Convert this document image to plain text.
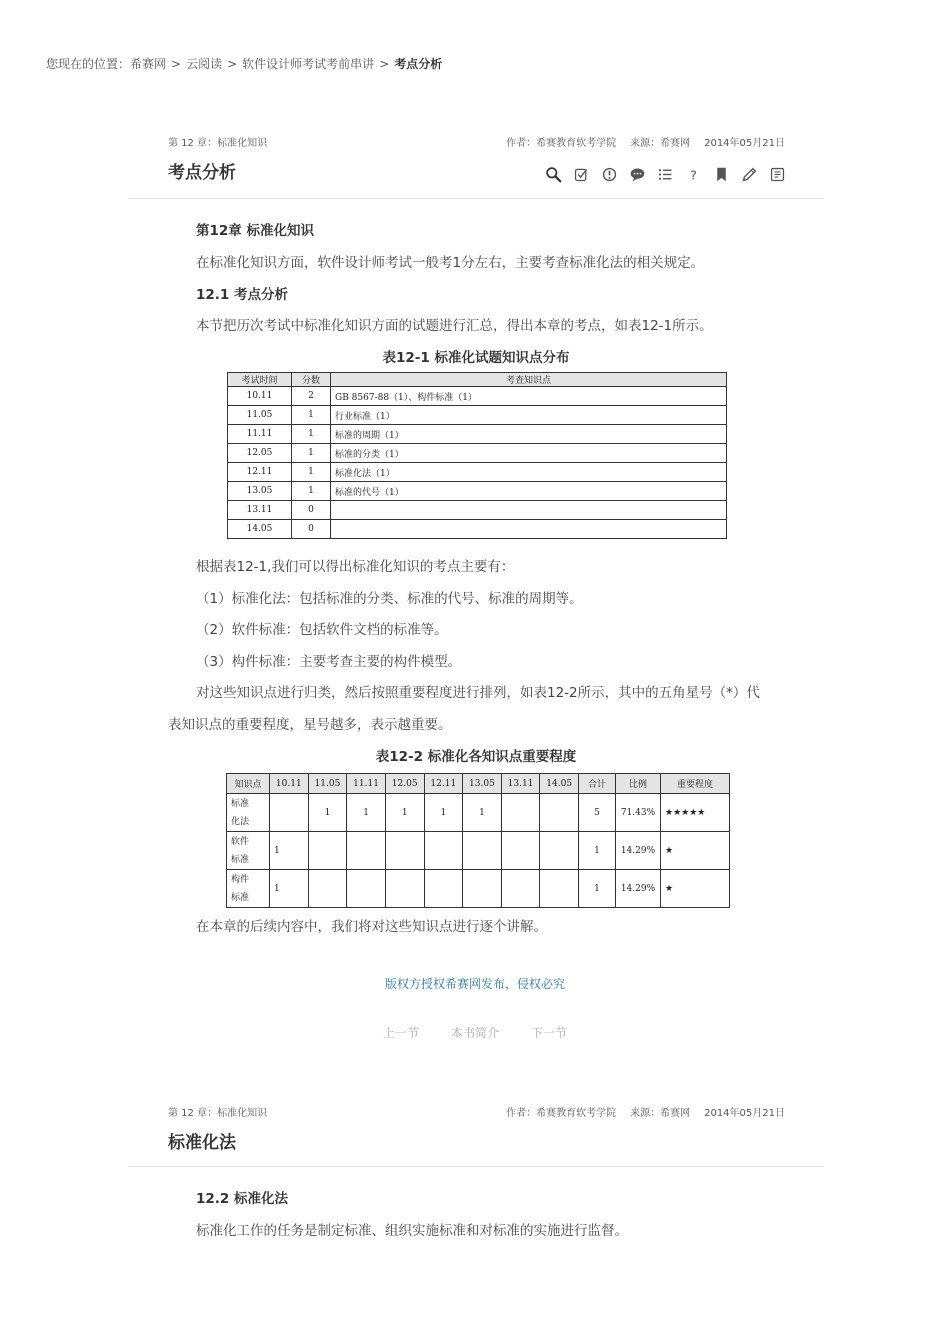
您现在的位置：希赛网 > 云阅读 > 软件设计师考试考前串讲 > 考点分析
第 12 章：标准化知识	作者：希赛教育软考学院 来源：希赛网 2014年05月21日
考点分析	?
第12章 标准化知识
在标准化知识方面，软件设计师考试一般考1分左右，主要考查标准化法的相关规定。
12.1 考点分析
本节把历次考试中标准化知识方面的试题进行汇总，得出本章的考点，如表12-1所示。
表12-1 标准化试题知识点分布
考试时间	分数	考查知识点
10.11	2	GB 8567-88（1）、构件标准（1）
11.05	1	行业标准（1）
11.11	1	标准的周期（1）
12.05	1	标准的分类（1）
12.11	1	标准化法（1）
13.05	1	标准的代号（1）
13.11	0	
14.05	0	
根据表12-1,我们可以得出标准化知识的考点主要有：
（1）标准化法：包括标准的分类、标准的代号、标准的周期等。
（2）软件标准：包括软件文档的标准等。
（3）构件标准：主要考查主要的构件模型。
对这些知识点进行归类，然后按照重要程度进行排列，如表12-2所示，其中的五角星号（*）代
表知识点的重要程度，星号越多，表示越重要。
表12-2 标准化各知识点重要程度
知识点	10.11	11.05	11.11	12.05	12.11	13.05	13.11	14.05	合计	比例	重要程度
标准
化法		1	1	1	1	1			5	71.43%	★★★★★
软件
标准	1								1	14.29%	★
构件
标准	1								1	14.29%	★
在本章的后续内容中，我们将对这些知识点进行逐个讲解。
版权方授权希赛网发布，侵权必究
上一节	本书简介	下一节
第 12 章：标准化知识	作者：希赛教育软考学院 来源：希赛网 2014年05月21日
标准化法
12.2 标准化法
标准化工作的任务是制定标准、组织实施标准和对标准的实施进行监督。
